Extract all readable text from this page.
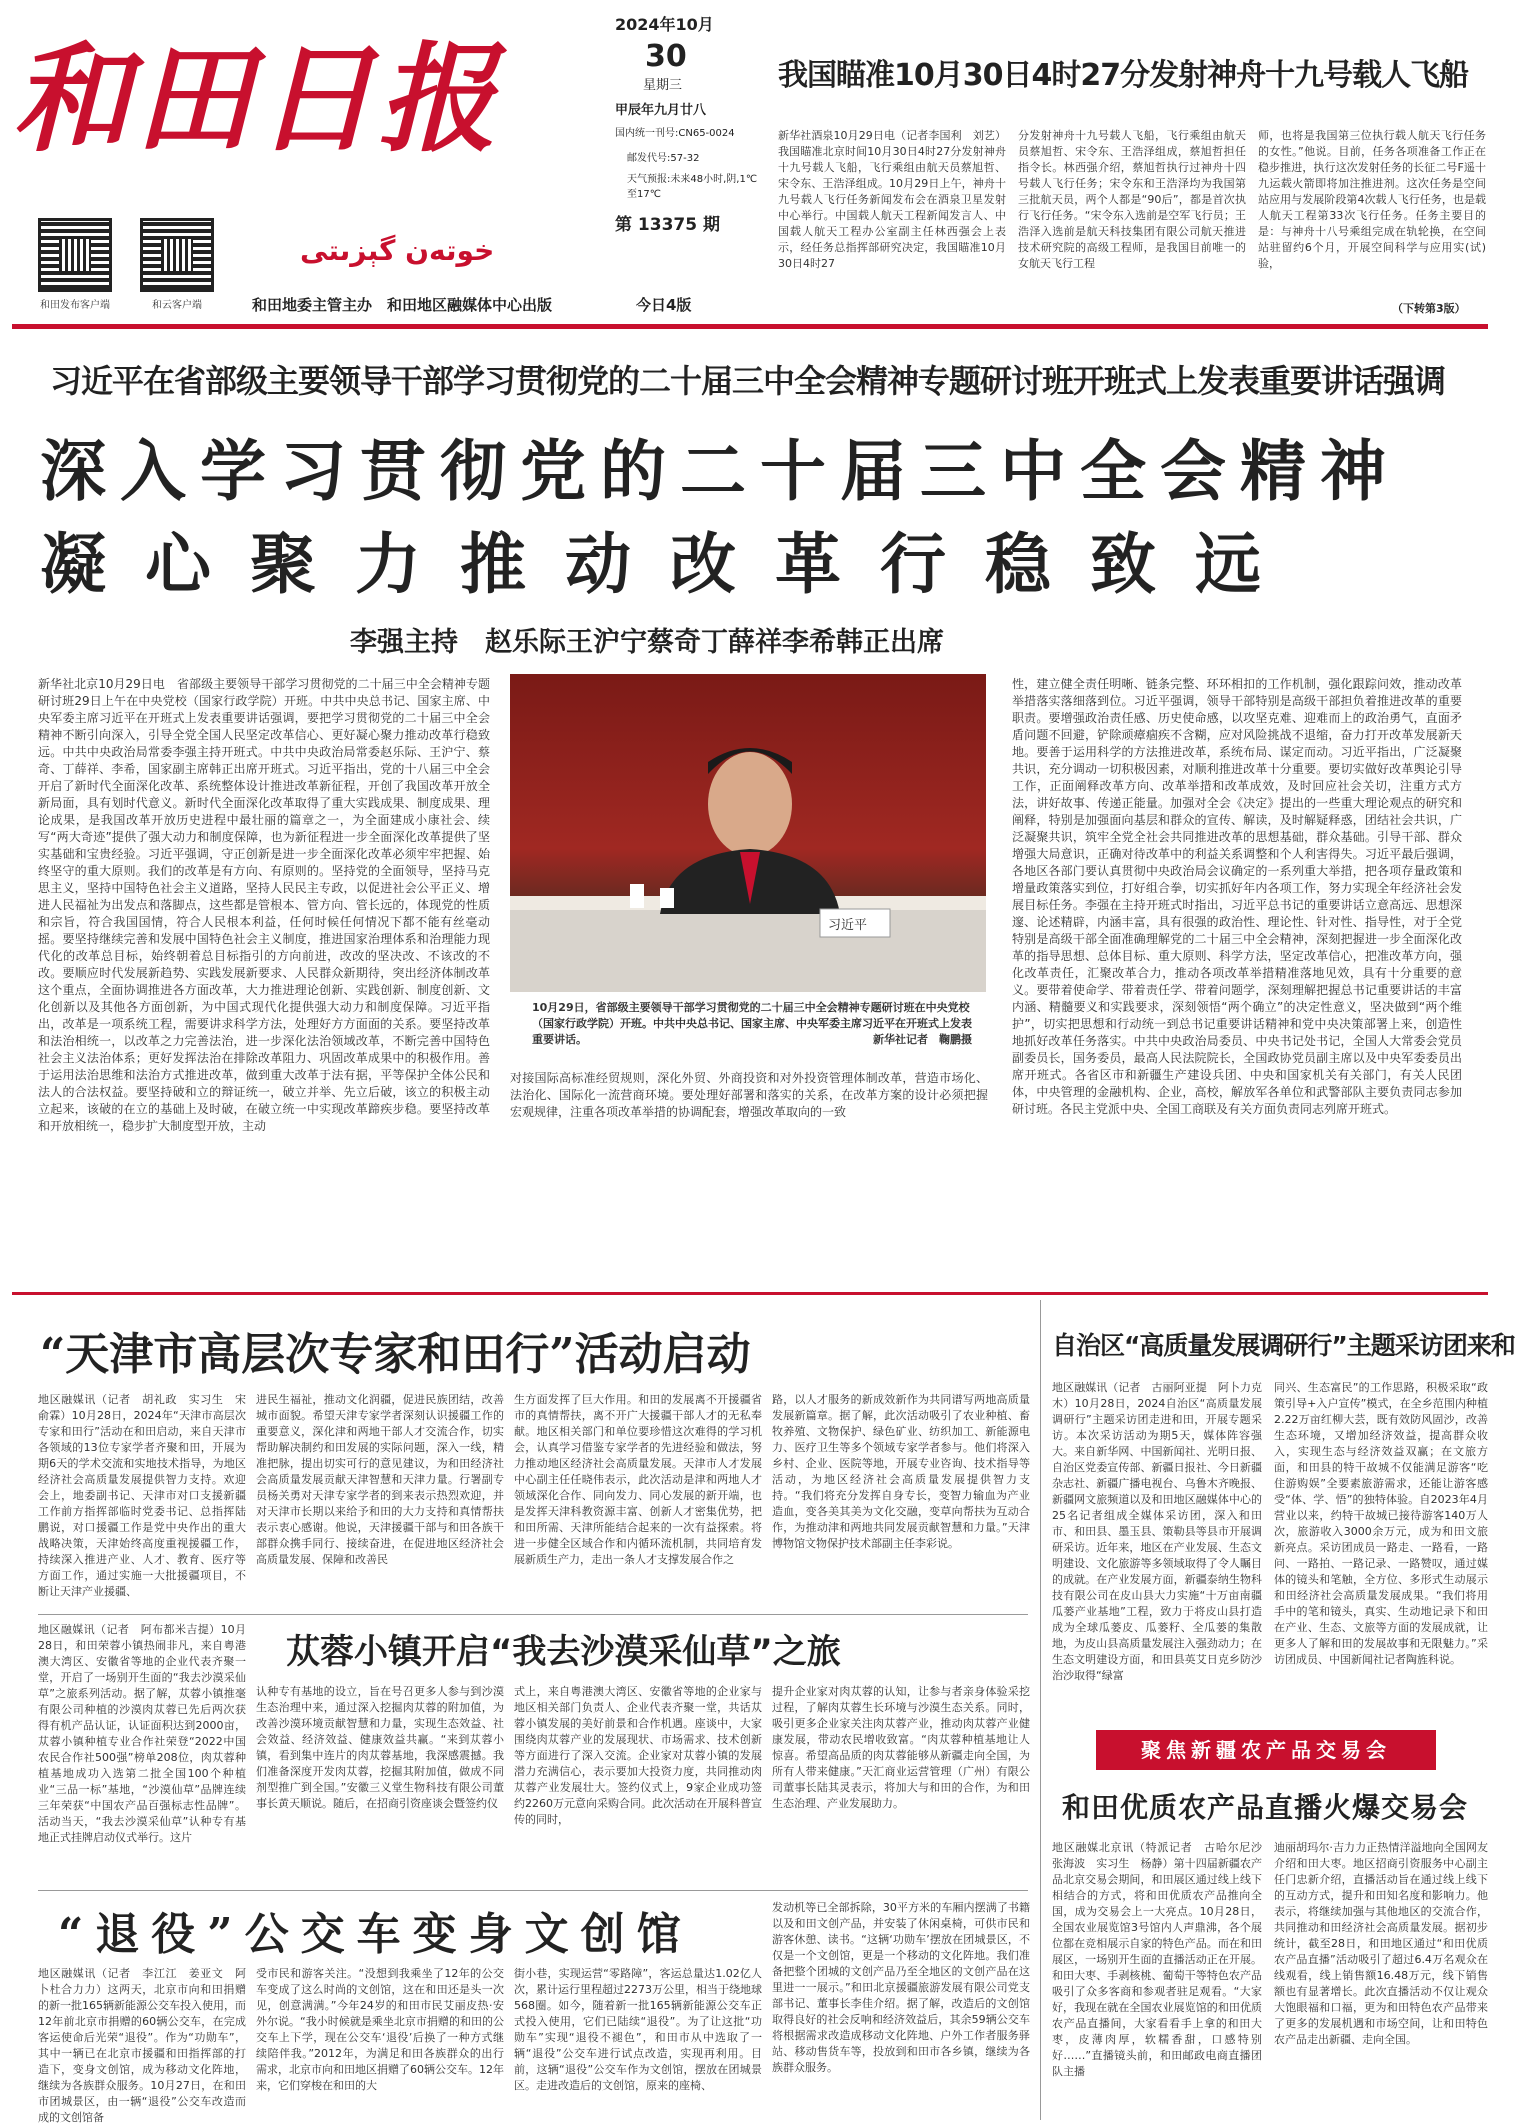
和田日报
خوتەن گېزىتى
和田发布客户端	和云客户端	和田地委主管主办　和田地区融媒体中心出版
2024年10月
30
星期三
甲辰年九月廿八
国内统一刊号:CN65-0024
邮发代号:57-32
天气预报:未来48小时,阴,1℃至17℃
第 13375 期
今日4版
我国瞄准10月30日4时27分发射神舟十九号载人飞船

新华社酒泉10月29日电（记者李国利　刘艺）我国瞄准北京时间10月30日4时27分发射神舟十九号载人飞船，飞行乘组由航天员蔡旭哲、宋令东、王浩泽组成。10月29日上午，神舟十九号载人飞行任务新闻发布会在酒泉卫星发射中心举行。中国载人航天工程新闻发言人、中国载人航天工程办公室副主任林西强会上表示，经任务总指挥部研究决定，我国瞄准10月30日4时27

分发射神舟十九号载人飞船，飞行乘组由航天员蔡旭哲、宋令东、王浩泽组成，蔡旭哲担任指令长。林西强介绍，蔡旭哲执行过神舟十四号载人飞行任务；宋令东和王浩泽均为我国第三批航天员，两个人都是“90后”，都是首次执行飞行任务。“宋令东入选前是空军飞行员；王浩泽入选前是航天科技集团有限公司航天推进技术研究院的高级工程师，是我国目前唯一的女航天飞行工程

师，也将是我国第三位执行载人航天飞行任务的女性。”他说。目前，任务各项准备工作正在稳步推进，执行这次发射任务的长征二号F遥十九运载火箭即将加注推进剂。这次任务是空间站应用与发展阶段第4次载人飞行任务，也是载人航天工程第33次飞行任务。任务主要目的是：与神舟十八号乘组完成在轨轮换，在空间站驻留约6个月，开展空间科学与应用实(试)验，

（下转第3版）
习近平在省部级主要领导干部学习贯彻党的二十届三中全会精神专题研讨班开班式上发表重要讲话强调
深入学习贯彻党的二十届三中全会精神
凝心聚力推动改革行稳致远
李强主持　赵乐际王沪宁蔡奇丁薛祥李希韩正出席

新华社北京10月29日电　省部级主要领导干部学习贯彻党的二十届三中全会精神专题研讨班29日上午在中央党校（国家行政学院）开班。中共中央总书记、国家主席、中央军委主席习近平在开班式上发表重要讲话强调，要把学习贯彻党的二十届三中全会精神不断引向深入，引导全党全国人民坚定改革信心、更好凝心聚力推动改革行稳致远。中共中央政治局常委李强主持开班式。中共中央政治局常委赵乐际、王沪宁、蔡奇、丁薛祥、李希，国家副主席韩正出席开班式。习近平指出，党的十八届三中全会开启了新时代全面深化改革、系统整体设计推进改革新征程，开创了我国改革开放全新局面，具有划时代意义。新时代全面深化改革取得了重大实践成果、制度成果、理论成果，是我国改革开放历史进程中最壮丽的篇章之一，为全面建成小康社会、续写“两大奇迹”提供了强大动力和制度保障，也为新征程进一步全面深化改革提供了坚实基础和宝贵经验。习近平强调，守正创新是进一步全面深化改革必须牢牢把握、始终坚守的重大原则。我们的改革是有方向、有原则的。坚持党的全面领导，坚持马克思主义，坚持中国特色社会主义道路，坚持人民民主专政，以促进社会公平正义、增进人民福祉为出发点和落脚点，这些都是管根本、管方向、管长远的，体现党的性质和宗旨，符合我国国情，符合人民根本利益，任何时候任何情况下都不能有丝毫动摇。要坚持继续完善和发展中国特色社会主义制度，推进国家治理体系和治理能力现代化的改革总目标，始终朝着总目标指引的方向前进，改改的坚决改、不该改的不改。要顺应时代发展新趋势、实践发展新要求、人民群众新期待，突出经济体制改革这个重点，全面协调推进各方面改革，大力推进理论创新、实践创新、制度创新、文化创新以及其他各方面创新，为中国式现代化提供强大动力和制度保障。习近平指出，改革是一项系统工程，需要讲求科学方法，处理好方方面面的关系。要坚持改革和法治相统一，以改革之力完善法治，进一步深化法治领域改革，不断完善中国特色社会主义法治体系；更好发挥法治在排除改革阻力、巩固改革成果中的积极作用。善于运用法治思维和法治方式推进改革，做到重大改革于法有据，平等保护全体公民和法人的合法权益。要坚持破和立的辩证统一，破立并举、先立后破，该立的积极主动立起来，该破的在立的基础上及时破，在破立统一中实现改革蹄疾步稳。要坚持改革和开放相统一，稳步扩大制度型开放，主动

习近平
10月29日，省部级主要领导干部学习贯彻党的二十届三中全会精神专题研讨班在中央党校（国家行政学院）开班。中共中央总书记、国家主席、中央军委主席习近平在开班式上发表重要讲话。	新华社记者　鞠鹏摄

对接国际高标准经贸规则，深化外贸、外商投资和对外投资管理体制改革，营造市场化、法治化、国际化一流营商环境。要处理好部署和落实的关系，在改革方案的设计必须把握宏观规律，注重各项改革举措的协调配套，增强改革取向的一致

性，建立健全责任明晰、链条完整、环环相扣的工作机制，强化跟踪问效，推动改革举措落实落细落到位。习近平强调，领导干部特别是高级干部担负着推进改革的重要职责。要增强政治责任感、历史使命感，以攻坚克难、迎难而上的政治勇气，直面矛盾问题不回避，铲除顽瘴痼疾不含糊，应对风险挑战不退缩，奋力打开改革发展新天地。要善于运用科学的方法推进改革，系统布局、谋定而动。习近平指出，广泛凝聚共识，充分调动一切积极因素，对顺利推进改革十分重要。要切实做好改革舆论引导工作，正面阐释改革方向、改革举措和改革成效，及时回应社会关切，注重方式方法，讲好故事、传递正能量。加强对全会《决定》提出的一些重大理论观点的研究和阐释，特别是加强面向基层和群众的宣传、解读，及时解疑释惑，团结社会共识，广泛凝聚共识，筑牢全党全社会共同推进改革的思想基础，群众基础。引导干部、群众增强大局意识，正确对待改革中的利益关系调整和个人利害得失。习近平最后强调，各地区各部门要认真贯彻中央政治局会议确定的一系列重大举措，把各项存量政策和增量政策落实到位，打好组合拳，切实抓好年内各项工作，努力实现全年经济社会发展目标任务。李强在主持开班式时指出，习近平总书记的重要讲话立意高远、思想深邃、论述精辟，内涵丰富，具有很强的政治性、理论性、针对性、指导性，对于全党特别是高级干部全面准确理解党的二十届三中全会精神，深刻把握进一步全面深化改革的指导思想、总体目标、重大原则、科学方法，坚定改革信心，把准改革方向，强化改革责任，汇聚改革合力，推动各项改革举措精准落地见效，具有十分重要的意义。要带着使命学、带着责任学、带着问题学，深刻理解把握总书记重要讲话的丰富内涵、精髓要义和实践要求，深刻领悟“两个确立”的决定性意义，坚决做到“两个维护”，切实把思想和行动统一到总书记重要讲话精神和党中央决策部署上来，创造性地抓好改革任务落实。中共中央政治局委员、中央书记处书记，全国人大常委会党员副委员长，国务委员，最高人民法院院长，全国政协党员副主席以及中央军委委员出席开班式。各省区市和新疆生产建设兵团、中央和国家机关有关部门，有关人民团体，中央管理的金融机构、企业，高校，解放军各单位和武警部队主要负责同志参加研讨班。各民主党派中央、全国工商联及有关方面负责同志列席开班式。

“天津市高层次专家和田行”活动启动

地区融媒讯（记者　胡礼政　实习生　宋俞霖）10月28日，2024年“天津市高层次专家和田行”活动在和田启动，来自天津市各领域的13位专家学者齐聚和田，开展为期6天的学术交流和实地技术指导，为地区经济社会高质量发展提供智力支持。欢迎会上，地委副书记、天津市对口支援新疆工作前方指挥部临时党委书记、总指挥陆鹏说，对口援疆工作是党中央作出的重大战略决策，天津始终高度重视援疆工作，持续深入推进产业、人才、教育、医疗等方面工作，通过实施一大批援疆项目，不断让天津产业援疆、

进民生福祉，推动文化润疆，促进民族团结，改善城市面貌。希望天津专家学者深刻认识援疆工作的重要意义，深化津和两地干部人才交流合作，切实帮助解决制约和田发展的实际问题，深入一线，精准把脉，提出切实可行的意见建议，为和田经济社会高质量发展贡献天津智慧和天津力量。行署副专员杨关勇对天津专家学者的到来表示热烈欢迎，并对天津市长期以来给予和田的大力支持和真情帮扶表示衷心感谢。他说，天津援疆干部与和田各族干部群众携手同行、接续奋进，在促进地区经济社会高质量发展、保障和改善民

生方面发挥了巨大作用。和田的发展离不开援疆省市的真情帮扶，离不开广大援疆干部人才的无私奉献。地区相关部门和单位要珍惜这次难得的学习机会，认真学习借鉴专家学者的先进经验和做法，努力推动地区经济社会高质量发展。天津市人才发展中心副主任任晓伟表示，此次活动是津和两地人才领域深化合作、同向发力、同心发展的新开端，也是发挥天津科教资源丰富、创新人才密集优势，把和田所需、天津所能结合起来的一次有益探索。将进一步健全区域合作和内循环流机制，共同培育发展新质生产力，走出一条人才支撑发展合作之

路，以人才服务的新成效新作为共同谱写两地高质量发展新篇章。据了解，此次活动吸引了农业种植、畜牧养殖、文物保护、绿色矿业、纺织加工、新能源电力、医疗卫生等多个领域专家学者参与。他们将深入乡村、企业、医院等地，开展专业咨询、技术指导等活动，为地区经济社会高质量发展提供智力支持。“我们将充分发挥自身专长，变智力输血为产业造血，变各美其美为文化交融，变草向帮扶为互动合作，为推动津和两地共同发展贡献智慧和力量。”天津博物馆文物保护技术部副主任李彩说。

地区融媒讯（记者　阿布都米吉提）10月28日，和田荣蓉小镇热闹非凡，来自粤港澳大湾区、安徽省等地的企业代表齐聚一堂，开启了一场别开生面的“我去沙漠采仙草”之旅系列活动。据了解，苁蓉小镇推毫有限公司种植的沙漠肉苁蓉已先后两次获得有机产品认证，认证面积达到2000亩，苁蓉小镇种植专业合作社荣登“2022中国农民合作社500强”榜单208位，肉苁蓉种植基地成功入选第二批全国100个种植业“三品一标”基地，“沙漠仙草”品牌连续三年荣获“中国农产品百强标志性品牌”。活动当天，“我去沙漠采仙草”认种专有基地正式挂牌启动仪式举行。这片

苁蓉小镇开启“我去沙漠采仙草”之旅

认种专有基地的设立，旨在号召更多人参与到沙漠生态治理中来，通过深入挖掘肉苁蓉的附加值，为改善沙漠环境贡献智慧和力量，实现生态效益、社会效益、经济效益、健康效益共赢。“来到苁蓉小镇，看到集中连片的肉苁蓉基地，我深感震撼。我们准备深度开发肉苁蓉，挖掘其附加值，做成不同剂型推广到全国。”安徽三义堂生物科技有限公司董事长黄天顺说。随后，在招商引资座谈会暨签约仪

式上，来自粤港澳大湾区、安徽省等地的企业家与地区相关部门负责人、企业代表齐聚一堂，共话苁蓉小镇发展的美好前景和合作机遇。座谈中，大家围绕肉苁蓉产业的发展现状、市场需求、技术创新等方面进行了深入交流。企业家对苁蓉小镇的发展潜力充满信心，表示要加大投资力度，共同推动肉苁蓉产业发展壮大。签约仪式上，9家企业成功签约2260万元意向采购合同。此次活动在开展科普宣传的同时，

提升企业家对肉苁蓉的认知，让参与者亲身体验采挖过程，了解肉苁蓉生长环境与沙漠生态关系。同时，吸引更多企业家关注肉苁蓉产业，推动肉苁蓉产业健康发展，带动农民增收致富。“肉苁蓉种植基地让人惊喜。希望高品质的肉苁蓉能够从新疆走向全国，为所有人带来健康。”天汇商业运营管理（广州）有限公司董事长陆其灵表示，将加大与和田的合作，为和田生态治理、产业发展助力。

“退役”公交车变身文创馆

地区融媒讯（记者　李江江　姜亚文　阿卜杜合力力）这两天，北京市向和田捐赠的新一批165辆新能源公交车投入使用，而12年前北京市捐赠的60辆公交车，在完成客运使命后光荣“退役”。作为“功勋车”，其中一辆已在北京市援疆和田指挥部的打造下，变身文创馆，成为移动文化阵地，继续为各族群众服务。10月27日，在和田市团城景区，由一辆“退役”公交车改造而成的文创馆备

受市民和游客关注。“没想到我乘坐了12年的公交车变成了这么时尚的文创馆，这在和田还是头一次见，创意满满。”今年24岁的和田市民艾丽皮热·安外尔说。“我小时候就是乘坐北京市捐赠的和田的公交车上下学，现在公交车‘退役’后换了一种方式继续陪伴我。”2012年，为满足和田各族群众的出行需求，北京市向和田地区捐赠了60辆公交车。12年来，它们穿梭在和田的大

街小巷，实现运营“零路障”，客运总量达1.02亿人次，累计运行里程超过2273万公里，相当于绕地球568圈。如今，随着新一批165辆新能源公交车正式投入使用，它们已陆续“退役”。为了让这批“功勋车”实现“退役不褪色”，和田市从中选取了一辆“退役”公交车进行试点改造，实现再利用。目前，这辆“退役”公交车作为文创馆，摆放在团城景区。走进改造后的文创馆，原来的座椅、

发动机等已全部拆除，30平方米的车厢内摆满了书籍以及和田文创产品，并安装了休闲桌椅，可供市民和游客休憩、读书。“这辆‘功勋车’摆放在团城景区，不仅是一个文创馆，更是一个移动的文化阵地。我们准备把整个团城的文创产品乃至全地区的文创产品在这里进一一展示。”和田北京援疆旅游发展有限公司党支部书记、董事长李佳介绍。据了解，改造后的文创馆取得良好的社会反响和经济效益后，其余59辆公交车将根据需求改造成移动文化阵地、户外工作者服务驿站、移动售货车等，投放到和田市各乡镇，继续为各族群众服务。

自治区“高质量发展调研行”主题采访团来和

地区融媒讯（记者　古丽阿亚提　阿卜力克木）10月28日，2024自治区“高质量发展调研行”主题采访团走进和田，开展专题采访。本次采访活动为期5天，媒体阵容强大。来自新华网、中国新闻社、光明日报、自治区党委宣传部、新疆日报社、今日新疆杂志社、新疆广播电视台、乌鲁木齐晚报、新疆网文旅频道以及和田地区融媒体中心的25名记者组成全媒体采访团，深入和田市、和田县、墨玉县、策勒县等县市开展调研采访。近年来，地区在产业发展、生态文明建设、文化旅游等多领域取得了令人瞩目的成就。在产业发展方面，新疆泰纳生物科技有限公司在皮山县大力实施“十万亩南疆瓜蒌产业基地”工程，致力于将皮山县打造成为全球瓜蒌皮、瓜蒌籽、全瓜蒌的集散地，为皮山县高质量发展注入强劲动力；在生态文明建设方面，和田县英艾日克乡防沙治沙取得“绿富

同兴、生态富民”的工作思路，积极采取“政策引导+入户宣传”模式，在全乡范围内种植2.22万亩红柳大芸，既有效防风固沙，改善生态环境，又增加经济效益，提高群众收入，实现生态与经济效益双赢；在文旅方面，和田县的特干故城不仅能满足游客“吃住游购娱”全要素旅游需求，还能让游客感受“体、学、悟”的独特体验。自2023年4月营业以来，约特干故城已接待游客140万人次，旅游收入3000余万元，成为和田文旅新亮点。采访团成员一路走、一路看，一路问、一路拍、一路记录、一路赞叹，通过媒体的镜头和笔触，全方位、多形式生动展示和田经济社会高质量发展成果。“我们将用手中的笔和镜头，真实、生动地记录下和田在产业、生态、文旅等方面的发展成就，让更多人了解和田的发展故事和无限魅力。”采访团成员、中国新闻社记者陶旌科说。

聚焦新疆农产品交易会
和田优质农产品直播火爆交易会

地区融媒北京讯（特派记者　古哈尔尼沙　张海波　实习生　杨静）第十四届新疆农产品北京交易会期间，和田展区通过线上线下相结合的方式，将和田优质农产品推向全国，成为交易会上一大亮点。10月28日，全国农业展览馆3号馆内人声鼎沸，各个展位都在竞相展示自家的特色产品。而在和田展区，一场别开生面的直播活动正在开展。和田大枣、手剥核桃、葡萄干等特色农产品吸引了众多客商和参观者驻足观看。“大家好，我现在就在全国农业展览馆的和田优质农产品直播间，大家看看手上拿的和田大枣，皮薄肉厚，软糯香甜，口感特别好……”直播镜头前，和田邮政电商直播团队主播

迪丽胡玛尔·吉力力正热情洋溢地向全国网友介绍和田大枣。地区招商引资服务中心副主任门忠新介绍，直播活动旨在通过线上线下的互动方式，提升和田知名度和影响力。他表示，将继续加强与其他地区的交流合作，共同推动和田经济社会高质量发展。据初步统计，截至28日，和田地区通过“和田优质农产品直播”活动吸引了超过6.4万名观众在线观看，线上销售额16.48万元，线下销售额也有显著增长。此次直播活动不仅让观众大饱眼福和口福，更为和田特色农产品带来了更多的发展机遇和市场空间，让和田特色农产品走出新疆、走向全国。
